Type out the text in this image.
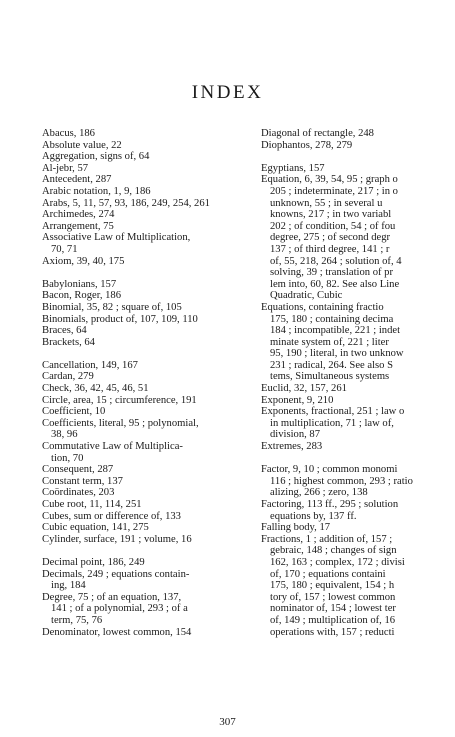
INDEX
Abacus, 186
Absolute value, 22
Aggregation, signs of, 64
Al-jebr, 57
Antecedent, 287
Arabic notation, 1, 9, 186
Arabs, 5, 11, 57, 93, 186, 249, 254, 261
Archimedes, 274
Arrangement, 75
Associative Law of Multiplication,
70, 71
Axiom, 39, 40, 175
Babylonians, 157
Bacon, Roger, 186
Binomial, 35, 82 ; square of, 105
Binomials, product of, 107, 109, 110
Braces, 64
Brackets, 64
Cancellation, 149, 167
Cardan, 279
Check, 36, 42, 45, 46, 51
Circle, area, 15 ; circumference, 191
Coefficient, 10
Coefficients, literal, 95 ; polynomial,
38, 96
Commutative Law of Multiplica-
tion, 70
Consequent, 287
Constant term, 137
Coördinates, 203
Cube root, 11, 114, 251
Cubes, sum or difference of, 133
Cubic equation, 141, 275
Cylinder, surface, 191 ; volume, 16
Decimal point, 186, 249
Decimals, 249 ; equations contain-
ing, 184
Degree, 75 ; of an equation, 137,
141 ; of a polynomial, 293 ; of a
term, 75, 76
Denominator, lowest common, 154
Diagonal of rectangle, 248
Diophantos, 278, 279
Egyptians, 157
Equation, 6, 39, 54, 95 ; graph o
205 ; indeterminate, 217 ; in o
unknown, 55 ; in several u
knowns, 217 ; in two variabl
202 ; of condition, 54 ; of fou
degree, 275 ; of second degr
137 ; of third degree, 141 ; r
of, 55, 218, 264 ; solution of, 4
solving, 39 ; translation of pr
lem into, 60, 82. See also Line
Quadratic, Cubic
Equations, containing fractio
175, 180 ; containing decima
184 ; incompatible, 221 ; indet
minate system of, 221 ; liter
95, 190 ; literal, in two unknow
231 ; radical, 264. See also S
tems, Simultaneous systems
Euclid, 32, 157, 261
Exponent, 9, 210
Exponents, fractional, 251 ; law o
in multiplication, 71 ; law of,
division, 87
Extremes, 283
Factor, 9, 10 ; common monomi
116 ; highest common, 293 ; ratio
alizing, 266 ; zero, 138
Factoring, 113 ff., 295 ; solution
equations by, 137 ff.
Falling body, 17
Fractions, 1 ; addition of, 157 ;
gebraic, 148 ; changes of sign
162, 163 ; complex, 172 ; divisi
of, 170 ; equations containi
175, 180 ; equivalent, 154 ; h
tory of, 157 ; lowest common
nominator of, 154 ; lowest ter
of, 149 ; multiplication of, 16
operations with, 157 ; reducti
307
